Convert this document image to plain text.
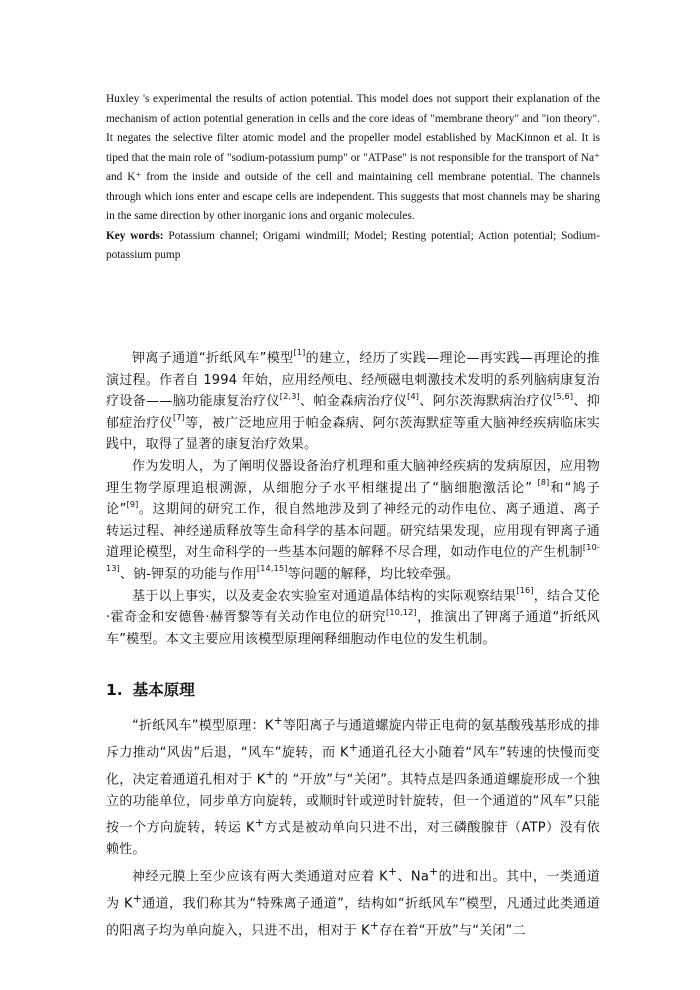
Huxley 's experimental the results of action potential. This model does not support their explanation of the mechanism of action potential generation in cells and the core ideas of "membrane theory" and "ion theory". It negates the selective filter atomic model and the propeller model established by MacKinnon et al. It is tiped that the main role of "sodium-potassium pump" or "ATPase" is not responsible for the transport of Na⁺ and K⁺ from the inside and outside of the cell and maintaining cell membrane potential. The channels through which ions enter and escape cells are independent. This suggests that most channels may be sharing in the same direction by other inorganic ions and organic molecules.

Key words: Potassium channel; Origami windmill; Model; Resting potential; Action potential; Sodium-potassium pump

钾离子通道“折纸风车”模型[1]的建立，经历了实践—理论—再实践—再理论的推演过程。作者自 1994 年始，应用经颅电、经颅磁电刺激技术发明的系列脑病康复治疗设备——脑功能康复治疗仪[2,3]、帕金森病治疗仪[4]、阿尔茨海默病治疗仪[5,6]、抑郁症治疗仪[7]等，被广泛地应用于帕金森病、阿尔茨海默症等重大脑神经疾病临床实践中，取得了显著的康复治疗效果。

作为发明人，为了阐明仪器设备治疗机理和重大脑神经疾病的发病原因，应用物理生物学原理追根溯源，从细胞分子水平相继提出了“脑细胞激活论” [8]和“鸠子论”[9]。这期间的研究工作，很自然地涉及到了神经元的动作电位、离子通道、离子转运过程、神经递质释放等生命科学的基本问题。研究结果发现，应用现有钾离子通道理论模型，对生命科学的一些基本问题的解释不尽合理，如动作电位的产生机制[10-13]、钠-钾泵的功能与作用[14,15]等问题的解释，均比较牵强。

基于以上事实，以及麦金农实验室对通道晶体结构的实际观察结果[16]，结合艾伦·霍奇金和安德鲁·赫胥黎等有关动作电位的研究[10,12]，推演出了钾离子通道“折纸风车”模型。本文主要应用该模型原理阐释细胞动作电位的发生机制。

1. 基本原理

“折纸风车”模型原理：K+等阳离子与通道螺旋内带正电荷的氨基酸残基形成的排斥力推动“风齿”后退，“风车”旋转，而 K+通道孔径大小随着“风车”转速的快慢而变化，决定着通道孔相对于 K+的 “开放”与“关闭”。其特点是四条通道螺旋形成一个独立的功能单位，同步单方向旋转，或顺时针或逆时针旋转，但一个通道的“风车”只能按一个方向旋转，转运 K+方式是被动单向只进不出，对三磷酸腺苷（ATP）没有依赖性。

神经元膜上至少应该有两大类通道对应着 K+、Na+的进和出。其中，一类通道为 K+通道，我们称其为“特殊离子通道”，结构如“折纸风车”模型，凡通过此类通道的阳离子均为单向旋入，只进不出，相对于 K+存在着“开放”与“关闭”二
